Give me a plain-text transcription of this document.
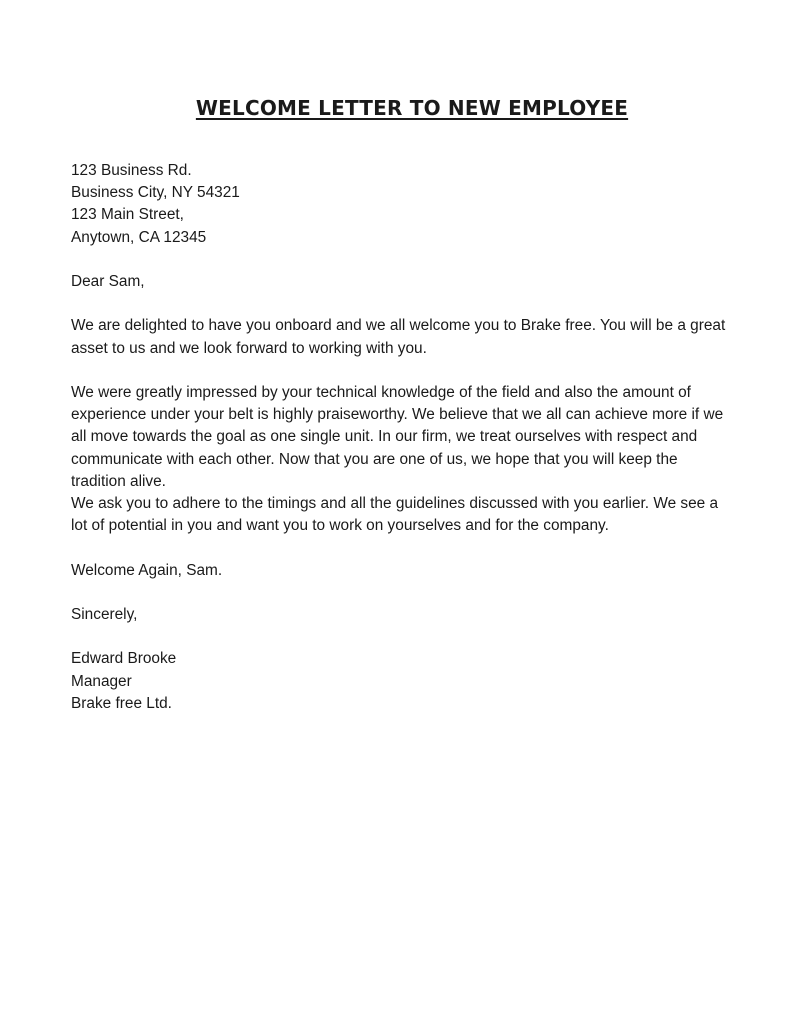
WELCOME LETTER TO NEW EMPLOYEE

123 Business Rd.

Business City, NY 54321

123 Main Street,

Anytown, CA 12345

Dear Sam,

We are delighted to have you onboard and we all welcome you to Brake free. You will be a great asset to us and we look forward to working with you.

We were greatly impressed by your technical knowledge of the field and also the amount of experience under your belt is highly praiseworthy. We believe that we all can achieve more if we all move towards the goal as one single unit. In our firm, we treat ourselves with respect and communicate with each other. Now that you are one of us, we hope that you will keep the tradition alive.

We ask you to adhere to the timings and all the guidelines discussed with you earlier. We see a lot of potential in you and want you to work on yourselves and for the company.

Welcome Again, Sam.

Sincerely,

Edward Brooke

Manager

Brake free Ltd.
